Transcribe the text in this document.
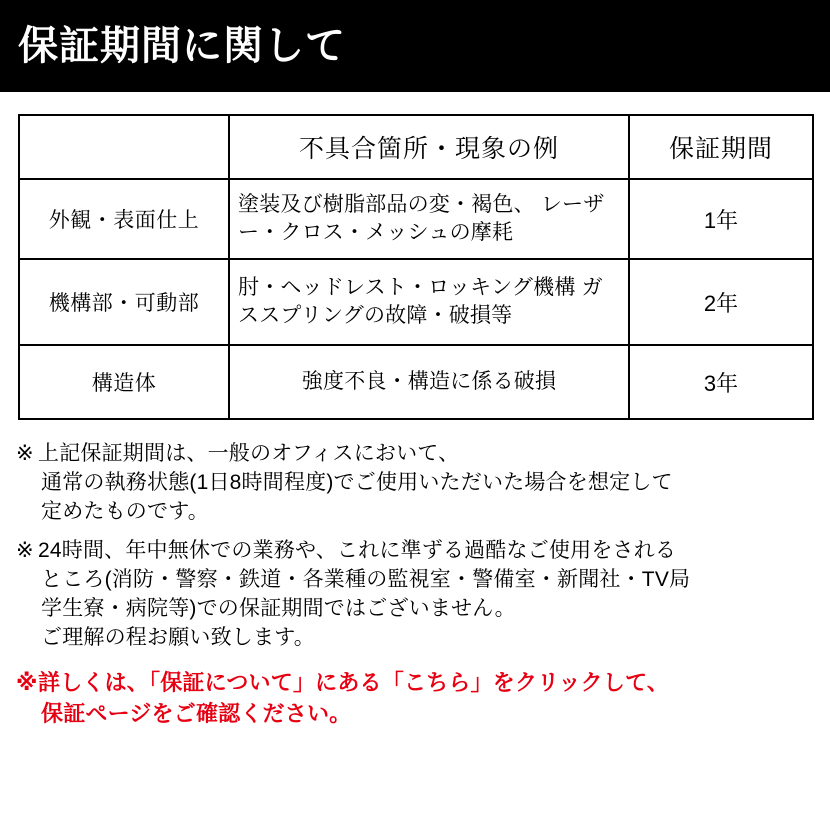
保証期間に関して
	不具合箇所・現象の例	保証期間
外観・表面仕上	塗装及び樹脂部品の変・褐色、 レーザー・クロス・メッシュの摩耗	1年
機構部・可動部	肘・ヘッドレスト・ロッキング機構 ガススプリングの故障・破損等	2年
構造体	強度不良・構造に係る破損	3年
※ 上記保証期間は、一般のオフィスにおいて、
通常の執務状態(1日8時間程度)でご使用いただいた場合を想定して
定めたものです。
※ 24時間、年中無休での業務や、これに準ずる過酷なご使用をされる
ところ(消防・警察・鉄道・各業種の監視室・警備室・新聞社・TV局
学生寮・病院等)での保証期間ではございません。
ご理解の程お願い致します。
※ 詳しくは、「保証について」にある「こちら」をクリックして、
保証ページをご確認ください。
